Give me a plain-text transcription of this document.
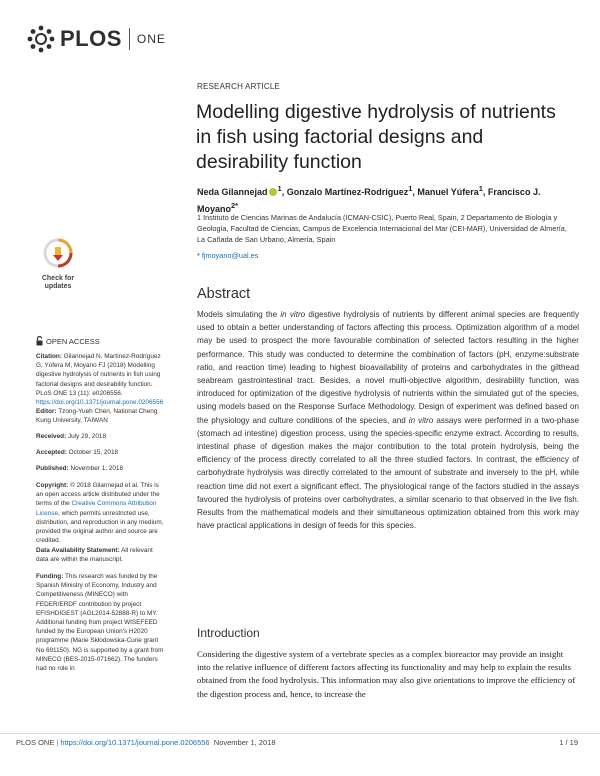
PLOS ONE
RESEARCH ARTICLE
Modelling digestive hydrolysis of nutrients in fish using factorial designs and desirability function
Neda Gilannejad $^1$, Gonzalo Martínez-Rodríguez$^1$, Manuel Yúfera$^1$, Francisco J. Moyano$^{2*}$
1 Instituto de Ciencias Marinas de Andalucía (ICMAN-CSIC), Puerto Real, Spain, 2 Departamento de Biología y Geología, Facultad de Ciencias, Campus de Excelencia Internacional del Mar (CEI-MAR), Universidad de Almería, La Cañada de San Urbano, Almería, Spain
* fjmoyano@ual.es
Check for
updates	Abstract
Models simulating the in vitro digestive hydrolysis of nutrients by different animal species are frequently used to obtain a better understanding of factors affecting this process. Optimization algorithm of a model may be used to prospect the more favourable combination of selected factors resulting in the higher performance. This study was conducted to determine the combination of factors (pH, enzyme:substrate ratio, and reaction time) leading to highest bioavailability of proteins and carbohydrates in the gilthead seabream gastrointestinal tract. Besides, a novel multi-objective algorithm, desirability function, was introduced for optimization of the digestive hydrolysis of nutrients within the simulated gut of the species, using models based on the Response Surface Methodology. Design of experiment was defined based on the physiology and culture conditions of the species, and in vitro assays were performed in a two-phase (stomach ad intestine) digestion process, using the species-specific enzyme extract. According to results, intestinal phase of digestion makes the major contribution to the total protein hydrolysis, being the efficiency of the process directly correlated to all the three studied factors. In contrast, the efficiency of carbohydrate hydrolysis was directly correlated to the amount of substrate and inversely to the pH, while reaction time did not exert a significant effect. The physiological range of the factors studied in the assays favoured the hydrolysis of proteins over carbohydrates, a similar scenario to that observed in the live fish. Results from the mathematical models and their simultaneous optimization obtained from this work may have practical applications in design of feeds for this species.
OPEN ACCESS
Citation: Gilannejad N, Martínez-Rodríguez G, Yúfera M, Moyano FJ (2018) Modelling digestive hydrolysis of nutrients in fish using factorial designs and desirability function. PLoS ONE 13 (11): e0206556. https://doi.org/10.1371/journal.pone.0206556
Editor: Tzong-Yueh Chen, National Cheng Kung University, TAIWAN
Received: July 29, 2018
Accepted: October 15, 2018
Published: November 1, 2018
Copyright: © 2018 Gilannejad et al. This is an open access article distributed under the terms of the Creative Commons Attribution License, which permits unrestricted use, distribution, and reproduction in any medium, provided the original author and source are credited.
Data Availability Statement: All relevant data are within the manuscript.
Funding: This research was funded by the Spanish Ministry of Economy, Industry and Competitiveness (MINECO) with FEDER/ERDF contribution by project EFISHDIGEST (AGL2014-52888-R) to MY. Additional funding from project WISEFEED funded by the European Union's H2020 programme (Marie Skłodowska-Curie grant No 691150). NG is supported by a grant from MINECO (BES-2015-071662). The funders had no role in
Introduction
Considering the digestive system of a vertebrate species as a complex bioreactor may provide an insight into the relative influence of different factors affecting its functionality and may help to explain the results obtained from the food hydrolysis. This information may also give orientations to improve the efficiency of the digestion process and, hence, to increase the
PLOS ONE | https://doi.org/10.1371/journal.pone.0206556 November 1, 2018	1 / 19
